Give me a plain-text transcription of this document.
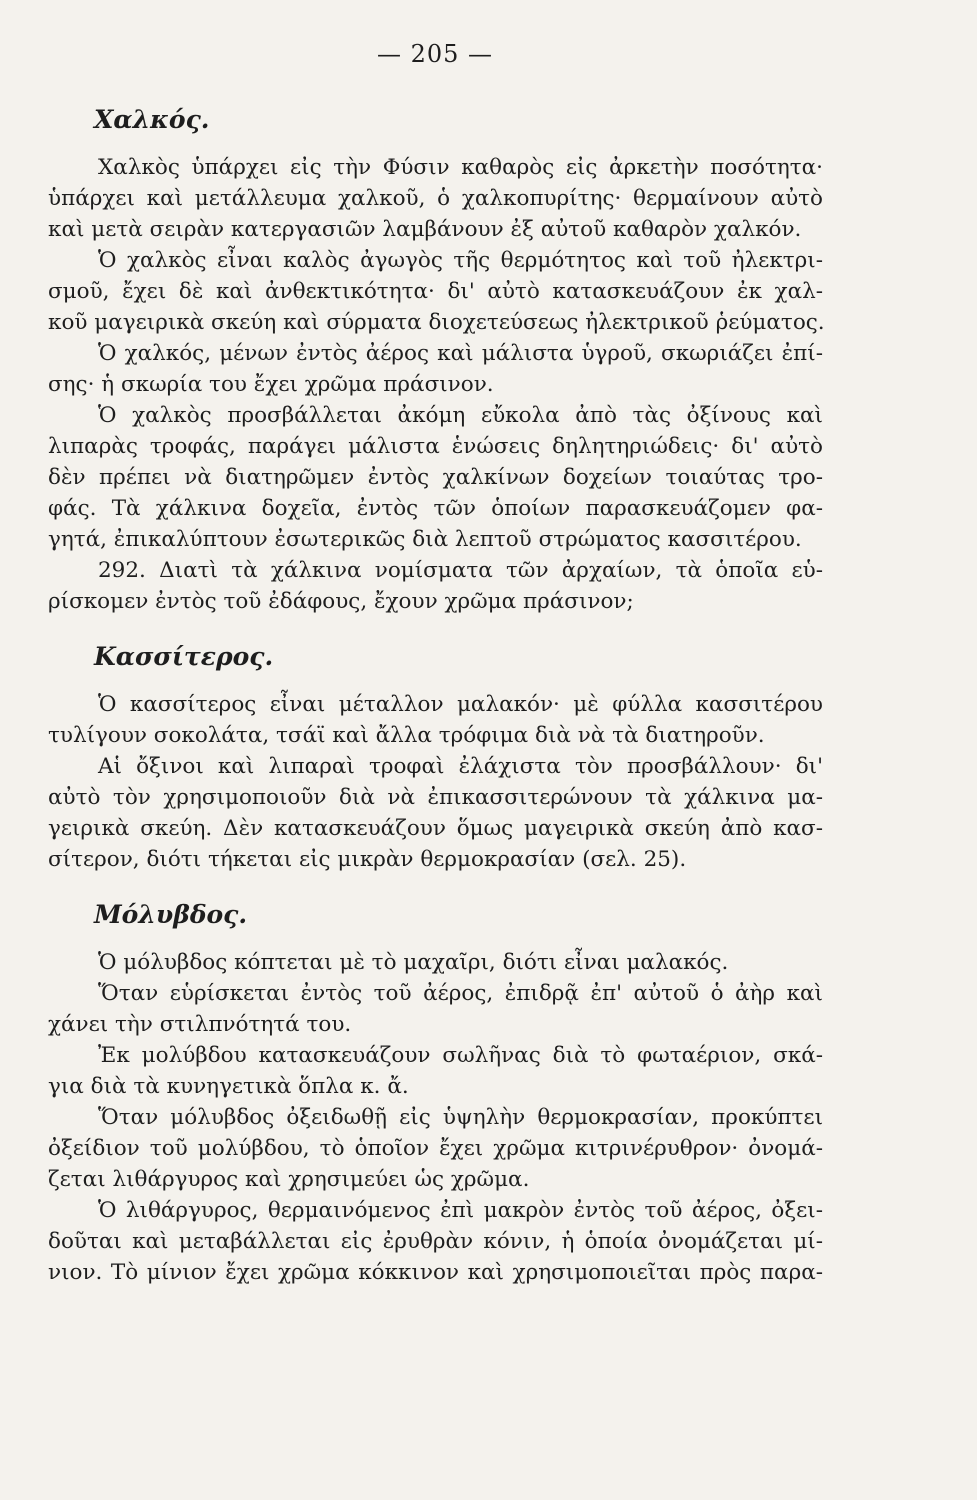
— 205 —
Χαλκός.

Χαλκὸς ὑπάρχει εἰς τὴν Φύσιν καθαρὸς εἰς ἀρκετὴν ποσότητα·

ὑπάρχει καὶ μετάλλευμα χαλκοῦ, ὁ χαλκοπυρίτης· θερμαίνουν αὐτὸ

καὶ μετὰ σειρὰν κατεργασιῶν λαμβάνουν ἐξ αὐτοῦ καθαρὸν χαλκόν.

Ὁ χαλκὸς εἶναι καλὸς ἀγωγὸς τῆς θερμότητος καὶ τοῦ ἠλεκτρι-

σμοῦ, ἔχει δὲ καὶ ἀνθεκτικότητα· δι' αὐτὸ κατασκευάζουν ἐκ χαλ-

κοῦ μαγειρικὰ σκεύη καὶ σύρματα διοχετεύσεως ἠλεκτρικοῦ ῥεύματος.

Ὁ χαλκός, μένων ἐντὸς ἀέρος καὶ μάλιστα ὑγροῦ, σκωριάζει ἐπί-

σης· ἡ σκωρία του ἔχει χρῶμα πράσινον.

Ὁ χαλκὸς προσβάλλεται ἀκόμη εὔκολα ἀπὸ τὰς ὀξίνους καὶ

λιπαρὰς τροφάς, παράγει μάλιστα ἑνώσεις δηλητηριώδεις· δι' αὐτὸ

δὲν πρέπει νὰ διατηρῶμεν ἐντὸς χαλκίνων δοχείων τοιαύτας τρο-

φάς. Τὰ χάλκινα δοχεῖα, ἐντὸς τῶν ὁποίων παρασκευάζομεν φα-

γητά, ἐπικαλύπτουν ἐσωτερικῶς διὰ λεπτοῦ στρώματος κασσιτέρου.

292. Διατὶ τὰ χάλκινα νομίσματα τῶν ἀρχαίων, τὰ ὁποῖα εὑ-

ρίσκομεν ἐντὸς τοῦ ἐδάφους, ἔχουν χρῶμα πράσινον;

Κασσίτερος.

Ὁ κασσίτερος εἶναι μέταλλον μαλακόν· μὲ φύλλα κασσιτέρου

τυλίγουν σοκολάτα, τσάϊ καὶ ἄλλα τρόφιμα διὰ νὰ τὰ διατηροῦν.

Αἱ ὄξινοι καὶ λιπαραὶ τροφαὶ ἐλάχιστα τὸν προσβάλλουν· δι'

αὐτὸ τὸν χρησιμοποιοῦν διὰ νὰ ἐπικασσιτερώνουν τὰ χάλκινα μα-

γειρικὰ σκεύη. Δὲν κατασκευάζουν ὅμως μαγειρικὰ σκεύη ἀπὸ κασ-

σίτερον, διότι τήκεται εἰς μικρὰν θερμοκρασίαν (σελ. 25).

Μόλυβδος.

Ὁ μόλυβδος κόπτεται μὲ τὸ μαχαῖρι, διότι εἶναι μαλακός.

Ὅταν εὑρίσκεται ἐντὸς τοῦ ἀέρος, ἐπιδρᾷ ἐπ' αὐτοῦ ὁ ἀὴρ καὶ

χάνει τὴν στιλπνότητά του.

Ἐκ μολύβδου κατασκευάζουν σωλῆνας διὰ τὸ φωταέριον, σκά-

για διὰ τὰ κυνηγετικὰ ὅπλα κ. ἄ.

Ὅταν μόλυβδος ὀξειδωθῇ εἰς ὑψηλὴν θερμοκρασίαν, προκύπτει

ὀξείδιον τοῦ μολύβδου, τὸ ὁποῖον ἔχει χρῶμα κιτρινέρυθρον· ὀνομά-

ζεται λιθάργυρος καὶ χρησιμεύει ὡς χρῶμα.

Ὁ λιθάργυρος, θερμαινόμενος ἐπὶ μακρὸν ἐντὸς τοῦ ἀέρος, ὀξει-

δοῦται καὶ μεταβάλλεται εἰς ἐρυθρὰν κόνιν, ἡ ὁποία ὀνομάζεται μί-

νιον. Τὸ μίνιον ἔχει χρῶμα κόκκινον καὶ χρησιμοποιεῖται πρὸς παρα-
